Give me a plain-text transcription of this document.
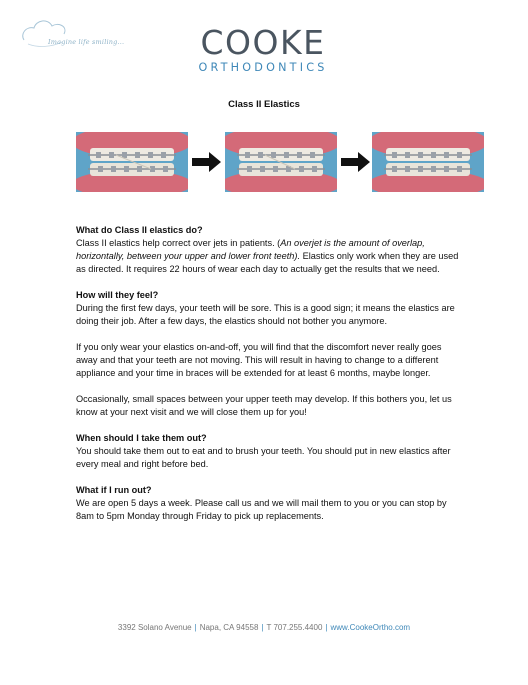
Imagine life smiling...	COOKE
ORTHODONTICS
Class II Elastics
What do Class II elastics do?

Class II elastics help correct over jets in patients. (An overjet is the amount of overlap, horizontally, between your upper and lower front teeth). Elastics only work when they are used as directed. It requires 22 hours of wear each day to actually get the results that we need.

How will they feel?

During the first few days, your teeth will be sore. This is a good sign; it means the elastics are doing their job. After a few days, the elastics should not bother you anymore.

If you only wear your elastics on-and-off, you will find that the discomfort never really goes away and that your teeth are not moving. This will result in having to change to a different appliance and your time in braces will be extended for at least 6 months, maybe longer.

Occasionally, small spaces between your upper teeth may develop. If this bothers you, let us know at your next visit and we will close them up for you!

When should I take them out?

You should take them out to eat and to brush your teeth. You should put in new elastics after every meal and right before bed.

What if I run out?

We are open 5 days a week. Please call us and we will mail them to you or you can stop by 8am to 5pm Monday through Friday to pick up replacements.

3392 Solano Avenue | Napa, CA 94558 | T 707.255.4400 | www.CookeOrtho.com
